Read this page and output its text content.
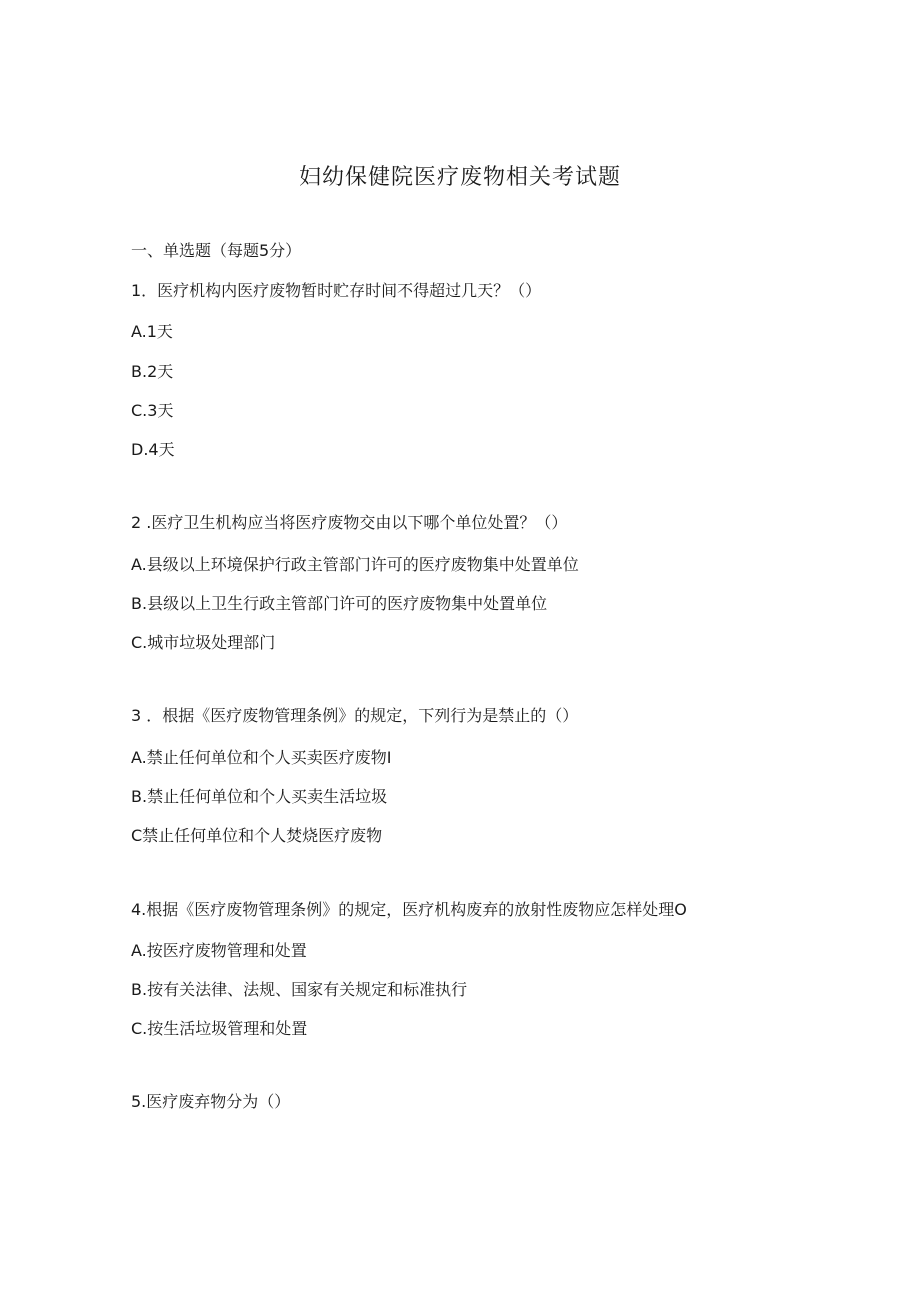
妇幼保健院医疗废物相关考试题
一、单选题（每题5分）
1．医疗机构内医疗废物暂时贮存时间不得超过几天？（）
A.1天
B.2天
C.3天
D.4天
2 .医疗卫生机构应当将医疗废物交由以下哪个单位处置？（）
A.县级以上环境保护行政主管部门许可的医疗废物集中处置单位
B.县级以上卫生行政主管部门许可的医疗废物集中处置单位
C.城市垃圾处理部门
3 ．根据《医疗废物管理条例》的规定，下列行为是禁止的（）
A.禁止任何单位和个人买卖医疗废物I
B.禁止任何单位和个人买卖生活垃圾
C禁止任何单位和个人焚烧医疗废物
4.根据《医疗废物管理条例》的规定，医疗机构废弃的放射性废物应怎样处理O
A.按医疗废物管理和处置
B.按有关法律、法规、国家有关规定和标准执行
C.按生活垃圾管理和处置
5.医疗废弃物分为（）
